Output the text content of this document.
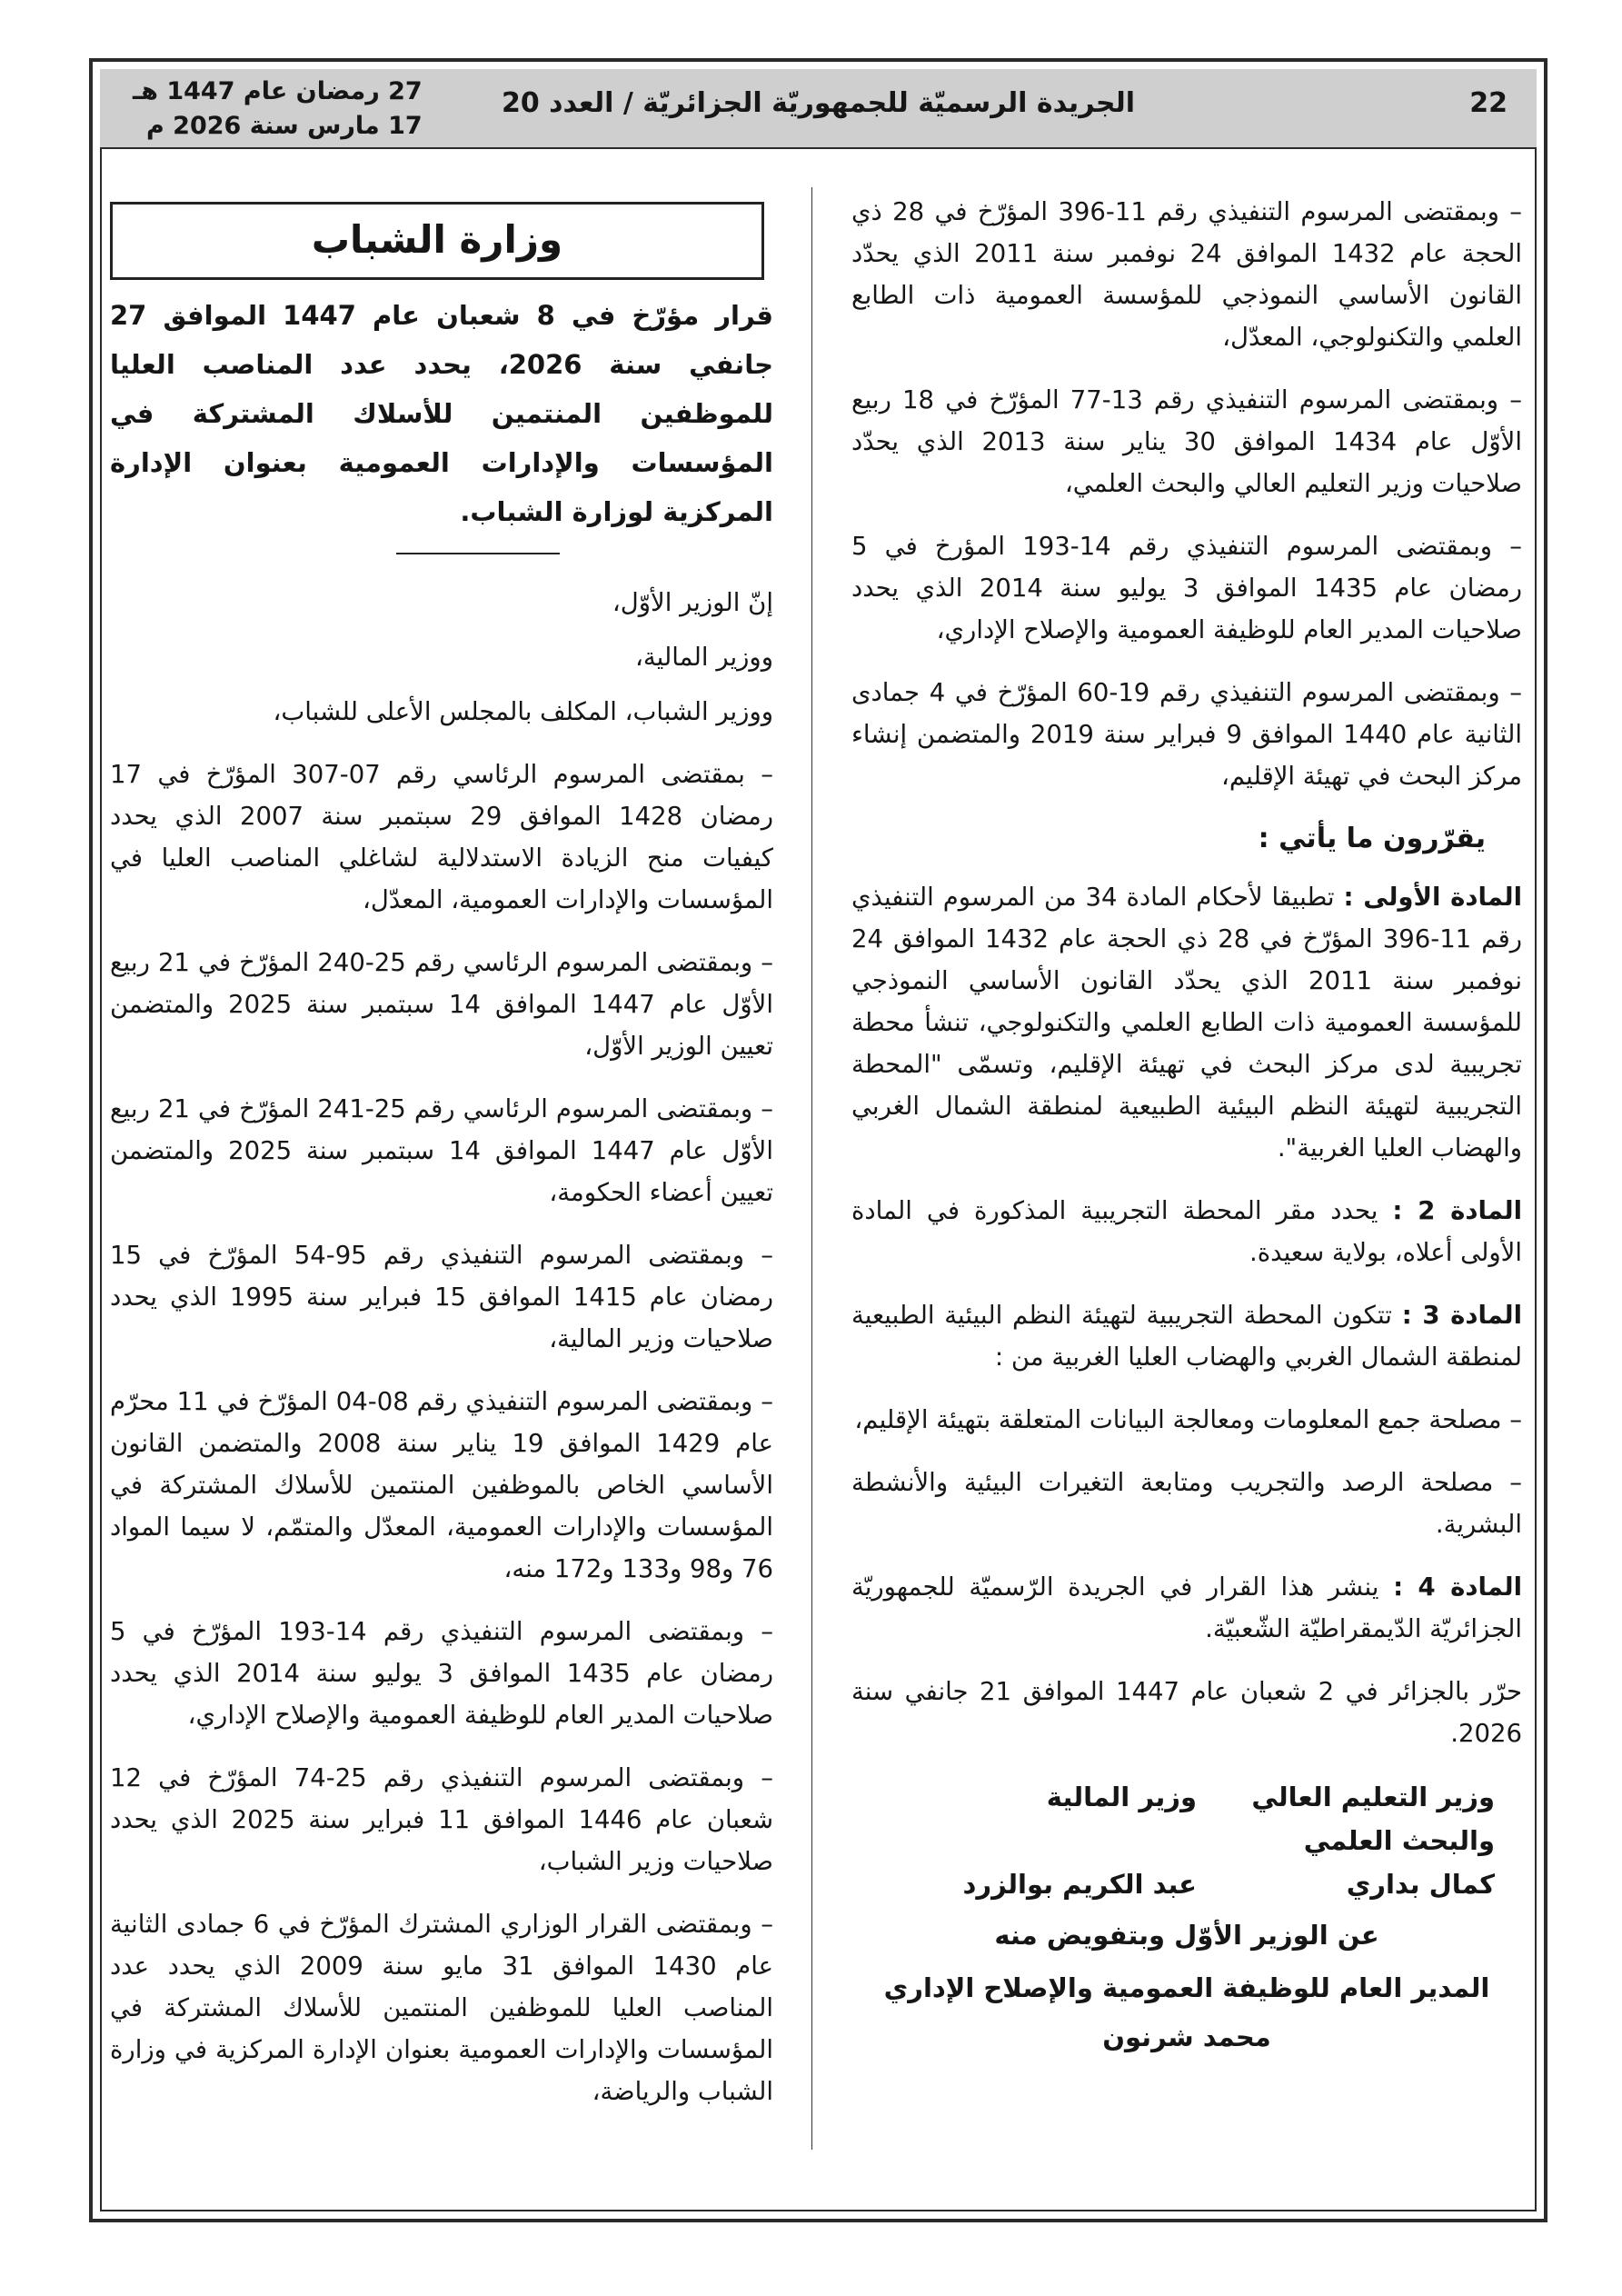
22
الجريدة الرسميّة للجمهوريّة الجزائريّة / العدد 20
27 رمضان عام 1447 هـ
17 مارس سنة 2026 م

– وبمقتضى المرسوم التنفيذي رقم 11-396 المؤرّخ في 28 ذي الحجة عام 1432 الموافق 24 نوفمبر سنة 2011 الذي يحدّد القانون الأساسي النموذجي للمؤسسة العمومية ذات الطابع العلمي والتكنولوجي، المعدّل،

– وبمقتضى المرسوم التنفيذي رقم 13-77 المؤرّخ في 18 ربيع الأوّل عام 1434 الموافق 30 يناير سنة 2013 الذي يحدّد صلاحيات وزير التعليم العالي والبحث العلمي،

– وبمقتضى المرسوم التنفيذي رقم 14-193 المؤرخ في 5 رمضان عام 1435 الموافق 3 يوليو سنة 2014 الذي يحدد صلاحيات المدير العام للوظيفة العمومية والإصلاح الإداري،

– وبمقتضى المرسوم التنفيذي رقم 19-60 المؤرّخ في 4 جمادى الثانية عام 1440 الموافق 9 فبراير سنة 2019 والمتضمن إنشاء مركز البحث في تهيئة الإقليم،

يقرّرون ما يأتي :

المادة الأولى : تطبيقا لأحكام المادة 34 من المرسوم التنفيذي رقم 11-396 المؤرّخ في 28 ذي الحجة عام 1432 الموافق 24 نوفمبر سنة 2011 الذي يحدّد القانون الأساسي النموذجي للمؤسسة العمومية ذات الطابع العلمي والتكنولوجي، تنشأ محطة تجريبية لدى مركز البحث في تهيئة الإقليم، وتسمّى "المحطة التجريبية لتهيئة النظم البيئية الطبيعية لمنطقة الشمال الغربي والهضاب العليا الغربية".

المادة 2 : يحدد مقر المحطة التجريبية المذكورة في المادة الأولى أعلاه، بولاية سعيدة.

المادة 3 : تتكون المحطة التجريبية لتهيئة النظم البيئية الطبيعية لمنطقة الشمال الغربي والهضاب العليا الغربية من :

– مصلحة جمع المعلومات ومعالجة البيانات المتعلقة بتهيئة الإقليم،

– مصلحة الرصد والتجريب ومتابعة التغيرات البيئية والأنشطة البشرية.

المادة 4 : ينشر هذا القرار في الجريدة الرّسميّة للجمهوريّة الجزائريّة الدّيمقراطيّة الشّعبيّة.

حرّر بالجزائر في 2 شعبان عام 1447 الموافق 21 جانفي سنة 2026.

وزير التعليم العالي
والبحث العلمي
كمال بداري
وزير المالية
عبد الكريم بوالزرد
عن الوزير الأوّل وبتفويض منه
المدير العام للوظيفة العمومية والإصلاح الإداري
محمد شرنون
وزارة الشباب
قرار مؤرّخ في 8 شعبان عام 1447 الموافق 27 جانفي سنة 2026، يحدد عدد المناصب العليا للموظفين المنتمين للأسلاك المشتركة في المؤسسات والإدارات العمومية بعنوان الإدارة المركزية لوزارة الشباب.

إنّ الوزير الأوّل،

ووزير المالية،

ووزير الشباب، المكلف بالمجلس الأعلى للشباب،

– بمقتضى المرسوم الرئاسي رقم 07-307 المؤرّخ في 17 رمضان 1428 الموافق 29 سبتمبر سنة 2007 الذي يحدد كيفيات منح الزيادة الاستدلالية لشاغلي المناصب العليا في المؤسسات والإدارات العمومية، المعدّل،

– وبمقتضى المرسوم الرئاسي رقم 25-240 المؤرّخ في 21 ربيع الأوّل عام 1447 الموافق 14 سبتمبر سنة 2025 والمتضمن تعيين الوزير الأوّل،

– وبمقتضى المرسوم الرئاسي رقم 25-241 المؤرّخ في 21 ربيع الأوّل عام 1447 الموافق 14 سبتمبر سنة 2025 والمتضمن تعيين أعضاء الحكومة،

– وبمقتضى المرسوم التنفيذي رقم 95-54 المؤرّخ في 15 رمضان عام 1415 الموافق 15 فبراير سنة 1995 الذي يحدد صلاحيات وزير المالية،

– وبمقتضى المرسوم التنفيذي رقم 08-04 المؤرّخ في 11 محرّم عام 1429 الموافق 19 يناير سنة 2008 والمتضمن القانون الأساسي الخاص بالموظفين المنتمين للأسلاك المشتركة في المؤسسات والإدارات العمومية، المعدّل والمتمّم، لا سيما المواد 76 و98 و133 و172 منه،

– وبمقتضى المرسوم التنفيذي رقم 14-193 المؤرّخ في 5 رمضان عام 1435 الموافق 3 يوليو سنة 2014 الذي يحدد صلاحيات المدير العام للوظيفة العمومية والإصلاح الإداري،

– وبمقتضى المرسوم التنفيذي رقم 25-74 المؤرّخ في 12 شعبان عام 1446 الموافق 11 فبراير سنة 2025 الذي يحدد صلاحيات وزير الشباب،

– وبمقتضى القرار الوزاري المشترك المؤرّخ في 6 جمادى الثانية عام 1430 الموافق 31 مايو سنة 2009 الذي يحدد عدد المناصب العليا للموظفين المنتمين للأسلاك المشتركة في المؤسسات والإدارات العمومية بعنوان الإدارة المركزية في وزارة الشباب والرياضة،
